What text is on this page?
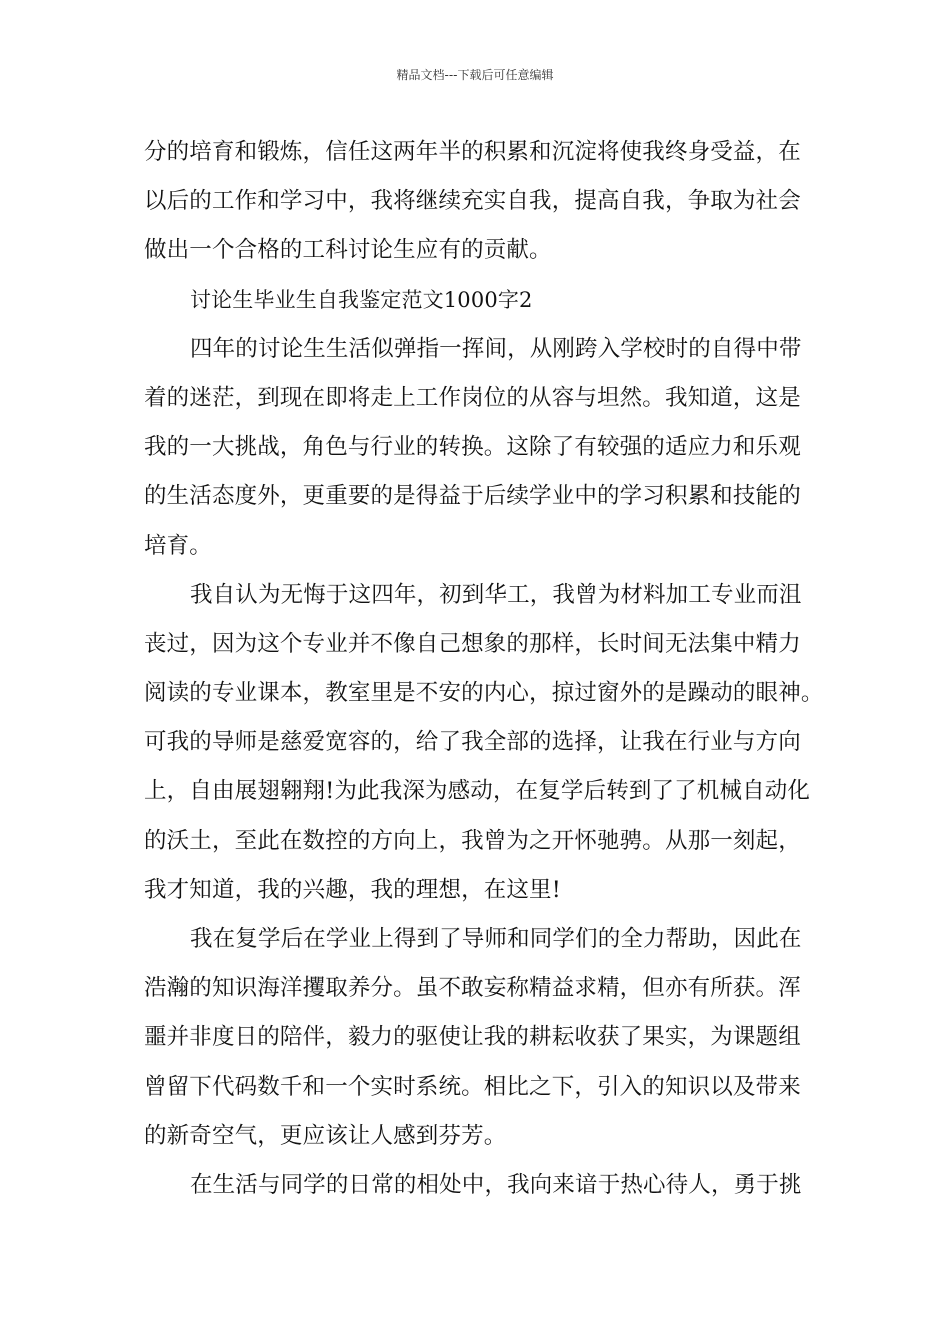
精品文档---下载后可任意编辑
分的培育和锻炼，信任这两年半的积累和沉淀将使我终身受益，在
以后的工作和学习中，我将继续充实自我，提高自我，争取为社会
做出一个合格的工科讨论生应有的贡献。
讨论生毕业生自我鉴定范文1000字2
四年的讨论生生活似弹指一挥间，从刚跨入学校时的自得中带
着的迷茫，到现在即将走上工作岗位的从容与坦然。我知道，这是
我的一大挑战，角色与行业的转换。这除了有较强的适应力和乐观
的生活态度外，更重要的是得益于后续学业中的学习积累和技能的
培育。
我自认为无悔于这四年，初到华工，我曾为材料加工专业而沮
丧过，因为这个专业并不像自己想象的那样，长时间无法集中精力
阅读的专业课本，教室里是不安的内心，掠过窗外的是躁动的眼神。
可我的导师是慈爱宽容的，给了我全部的选择，让我在行业与方向
上，自由展翅翱翔!为此我深为感动，在复学后转到了了机械自动化
的沃土，至此在数控的方向上，我曾为之开怀驰骋。从那一刻起，
我才知道，我的兴趣，我的理想，在这里!
我在复学后在学业上得到了导师和同学们的全力帮助，因此在
浩瀚的知识海洋攫取养分。虽不敢妄称精益求精，但亦有所获。浑
噩并非度日的陪伴，毅力的驱使让我的耕耘收获了果实，为课题组
曾留下代码数千和一个实时系统。相比之下，引入的知识以及带来
的新奇空气，更应该让人感到芬芳。
在生活与同学的日常的相处中，我向来谙于热心待人，勇于挑
